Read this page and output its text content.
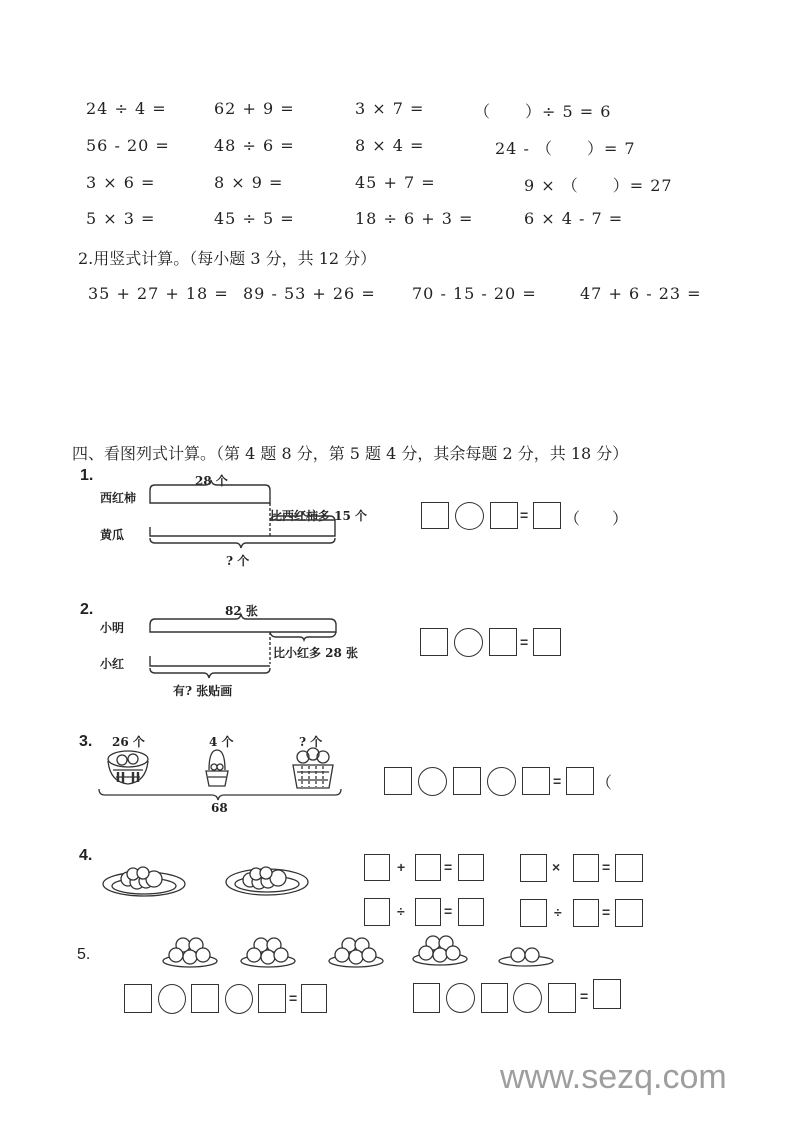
24 ÷ 4 =	62 + 9 =	3 × 7 =	（　　）÷ 5 = 6
56 - 20 =	48 ÷ 6 =	8 × 4 =	24 - （　　）= 7
3 × 6 =	8 × 9 =	45 + 7 =	9 × （　　）= 27
5 × 3 =	45 ÷ 5 =	18 ÷ 6 + 3 =	6 × 4 - 7 =
2.用竖式计算。（每小题 3 分，共 12 分）
35 + 27 + 18 = 89 - 53 + 26 = 70 - 15 - 20 =	47 + 6 - 23 =
四、看图列式计算。（第 4 题 8 分，第 5 题 4 分，其余每题 2 分，共 18 分）
1.
西红柿
黄瓜
28 个
比西红柿多 15 个
? 个
= （　　）
2.
小明
小红
82 张
比小红多 28 张
有? 张贴画
=
3. 26 个	4 个	? 个
68
= （
4.
+	=	×	=
÷	=	÷	=
5.
=	=
www.sezq.com
